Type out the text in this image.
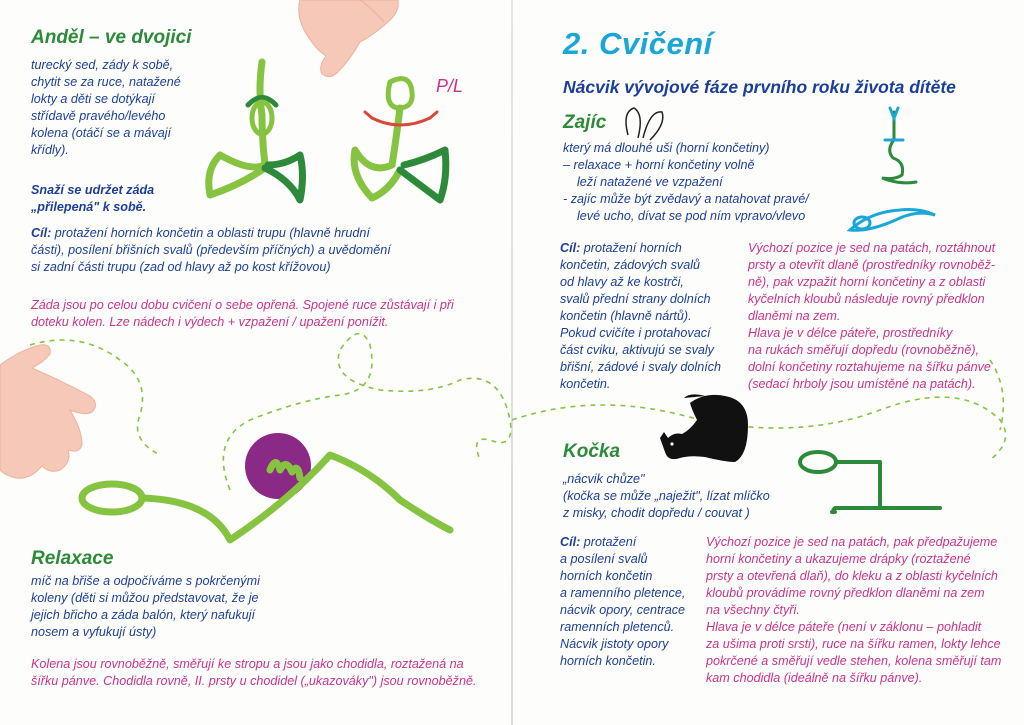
P/L
Anděl – ve dvojici
turecký sed, zády k sobě,
chytit se za ruce, natažené
lokty a děti se dotýkají
střídavě pravého/levého
kolena (otáčí se a mávají
křídly).
Snaží se udržet záda
„přilepená" k sobě.
Cíl: protažení horních končetin a oblasti trupu (hlavně hrudní
části), posílení břišních svalů (především příčných) a uvědomění
si zadní části trupu (zad od hlavy až po kost křížovou)
Záda jsou po celou dobu cvičení o sebe opřená. Spojené ruce zůstávají i při
doteku kolen. Lze nádech i výdech + vzpažení / upažení ponížit.
Relaxace
míč na břiše a odpočíváme s pokrčenými
koleny (děti si můžou představovat, že je
jejich břicho a záda balón, který nafukují
nosem a vyfukují ústy)
Kolena jsou rovnoběžně, směřují ke stropu a jsou jako chodidla, roztažená na
šířku pánve. Chodidla rovně, II. prsty u chodidel („ukazováky") jsou rovnoběžně.
2. Cvičení
Nácvik vývojové fáze prvního roku života dítěte
Zajíc
který má dlouhé uši (horní končetiny)
– relaxace + horní končetiny volně
leží natažené ve vzpažení
- zajíc může být zvědavý a natahovat pravé/
levé ucho, dívat se pod ním vpravo/vlevo
Cíl: protažení horních
končetin, zádových svalů
od hlavy až ke kostrči,
svalů přední strany dolních
končetin (hlavně nártů).
Pokud cvičíte i protahovací
část cviku, aktivujú se svaly
břišní, zádové i svaly dolních
končetin.
Výchozí pozice je sed na patách, roztáhnout
prsty a otevřít dlaně (prostředníky rovnoběž-
ně), pak vzpažit horní končetiny a z oblasti
kyčelních kloubů následuje rovný předklon
dlaněmi na zem.
Hlava je v délce páteře, prostředníky
na rukách směřují dopředu (rovnoběžně),
dolní končetiny roztahujeme na šířku pánve
(sedací hrboly jsou umístěné na patách).
Kočka
„nácvik chůze"
(kočka se může „naježit", lízat mlíčko
z misky, chodit dopředu / couvat )
Cíl: protažení
a posílení svalů
horních končetin
a ramenního pletence,
nácvik opory, centrace
ramenních pletenců.
Nácvik jistoty opory
horních končetin.
Výchozí pozice je sed na patách, pak předpažujeme
horní končetiny a ukazujeme drápky (roztažené
prsty a otevřená dlaň), do kleku a z oblasti kyčelních
kloubů provádíme rovný předklon dlaněmi na zem
na všechny čtyři.
Hlava je v délce páteře (není v záklonu – pohladit
za ušima proti srsti), ruce na šířku ramen, lokty lehce
pokrčené a směřují vedle stehen, kolena směřují tam
kam chodidla (ideálně na šířku pánve).
